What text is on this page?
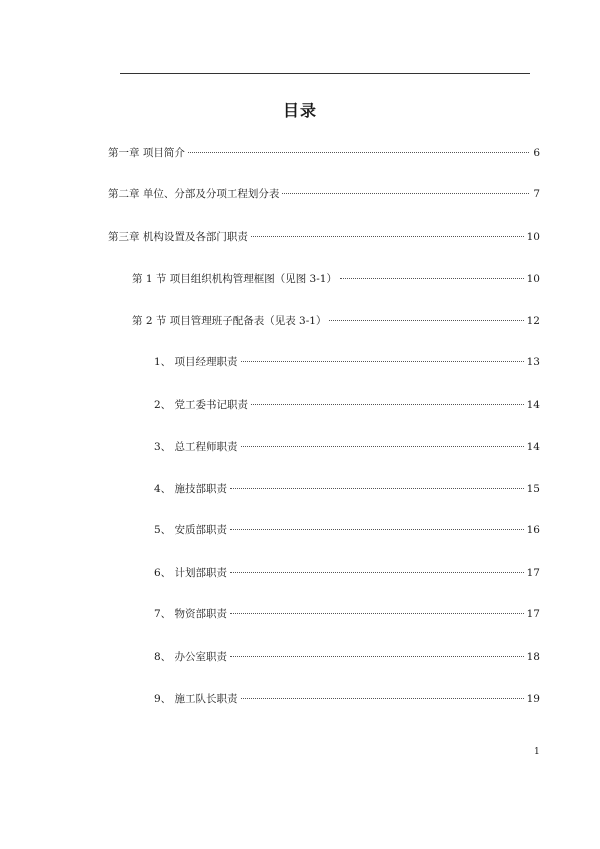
目录
第一章 项目简介	6
第二章 单位、分部及分项工程划分表	7
第三章 机构设置及各部门职责	10
第 1 节 项目组织机构管理框图（见图 3-1）	10
第 2 节 项目管理班子配备表（见表 3-1）	12
1、 项目经理职责	13
2、 党工委书记职责	14
3、 总工程师职责	14
4、 施技部职责	15
5、 安质部职责	16
6、 计划部职责	17
7、 物资部职责	17
8、 办公室职责	18
9、 施工队长职责	19
1
